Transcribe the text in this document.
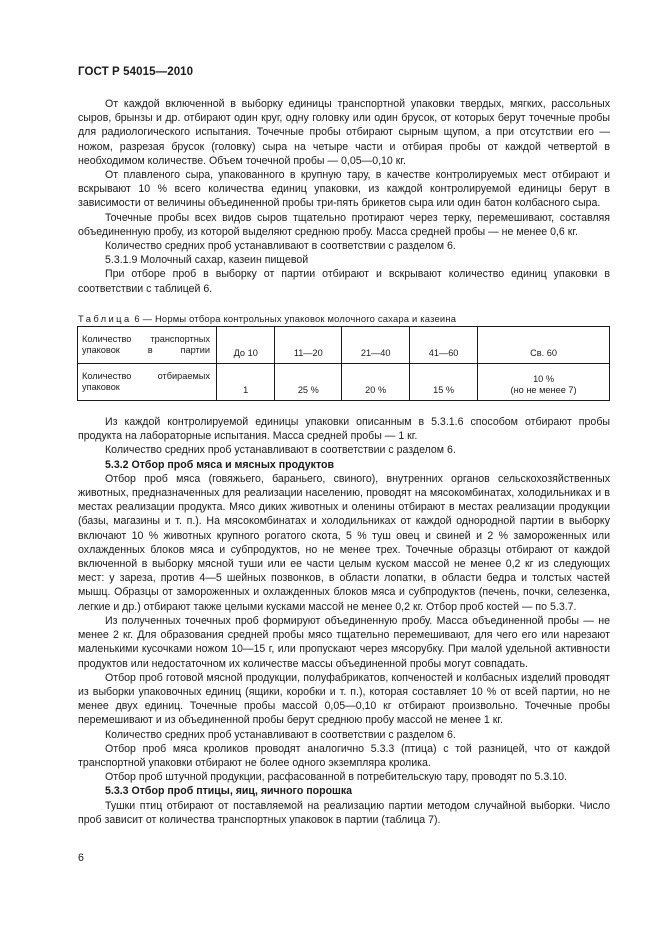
ГОСТ Р 54015—2010

От каждой включенной в выборку единицы транспортной упаковки твердых, мягких, рассольных сыров, брынзы и др. отбирают один круг, одну головку или один брусок, от которых берут точечные пробы для радиологического испытания. Точечные пробы отбирают сырным щупом, а при отсутствии его — ножом, разрезая брусок (головку) сыра на четыре части и отбирая пробы от каждой четвертой в необходимом количестве. Объем точечной пробы — 0,05—0,10 кг.

От плавленого сыра, упакованного в крупную тару, в качестве контролируемых мест отбирают и вскрывают 10 % всего количества единиц упаковки, из каждой контролируемой единицы берут в зависимости от величины объединенной пробы три-пять брикетов сыра или один батон колбасного сыра.

Точечные пробы всех видов сыров тщательно протирают через терку, перемешивают, составляя объединенную пробу, из которой выделяют среднюю пробу. Масса средней пробы — не менее 0,6 кг.

Количество средних проб устанавливают в соответствии с разделом 6.

5.3.1.9 Молочный сахар, казеин пищевой

При отборе проб в выборку от партии отбирают и вскрывают количество единиц упаковки в соответствии с таблицей 6.

Таблица 6 — Нормы отбора контрольных упаковок молочного сахара и казеина

Количество транспортных упаковок в партии	До 10	11—20	21—40	41—60	Св. 60
Количество отбираемых упаковок	1	25 %	20 %	15 %	10 %
(но не менее 7)

Из каждой контролируемой единицы упаковки описанным в 5.3.1.6 способом отбирают пробы продукта на лабораторные испытания. Масса средней пробы — 1 кг.

Количество средних проб устанавливают в соответствии с разделом 6.

5.3.2 Отбор проб мяса и мясных продуктов

Отбор проб мяса (говяжьего, бараньего, свиного), внутренних органов сельскохозяйственных животных, предназначенных для реализации населению, проводят на мясокомбинатах, холодильниках и в местах реализации продукта. Мясо диких животных и оленины отбирают в местах реализации продукции (базы, магазины и т. п.). На мясокомбинатах и холодильниках от каждой однородной партии в выборку включают 10 % животных крупного рогатого скота, 5 % туш овец и свиней и 2 % замороженных или охлажденных блоков мяса и субпродуктов, но не менее трех. Точечные образцы отбирают от каждой включенной в выборку мясной туши или ее части целым куском массой не менее 0,2 кг из следующих мест: у зареза, против 4—5 шейных позвонков, в области лопатки, в области бедра и толстых частей мышц. Образцы от замороженных и охлажденных блоков мяса и субпродуктов (печень, почки, селезенка, легкие и др.) отбирают также целыми кусками массой не менее 0,2 кг. Отбор проб костей — по 5.3.7.

Из полученных точечных проб формируют объединенную пробу. Масса объединенной пробы — не менее 2 кг. Для образования средней пробы мясо тщательно перемешивают, для чего его или нарезают маленькими кусочками ножом 10—15 г, или пропускают через мясорубку. При малой удельной активности продуктов или недостаточном их количестве массы объединенной пробы могут совпадать.

Отбор проб готовой мясной продукции, полуфабрикатов, копченостей и колбасных изделий проводят из выборки упаковочных единиц (ящики, коробки и т. п.), которая составляет 10 % от всей партии, но не менее двух единиц. Точечные пробы массой 0,05—0,10 кг отбирают произвольно. Точечные пробы перемешивают и из объединенной пробы берут среднюю пробу массой не менее 1 кг.

Количество средних проб устанавливают в соответствии с разделом 6.

Отбор проб мяса кроликов проводят аналогично 5.3.3 (птица) с той разницей, что от каждой транспортной упаковки отбирают не более одного экземпляра кролика.

Отбор проб штучной продукции, расфасованной в потребительскую тару, проводят по 5.3.10.

5.3.3 Отбор проб птицы, яиц, яичного порошка

Тушки птиц отбирают от поставляемой на реализацию партии методом случайной выборки. Число проб зависит от количества транспортных упаковок в партии (таблица 7).

6
